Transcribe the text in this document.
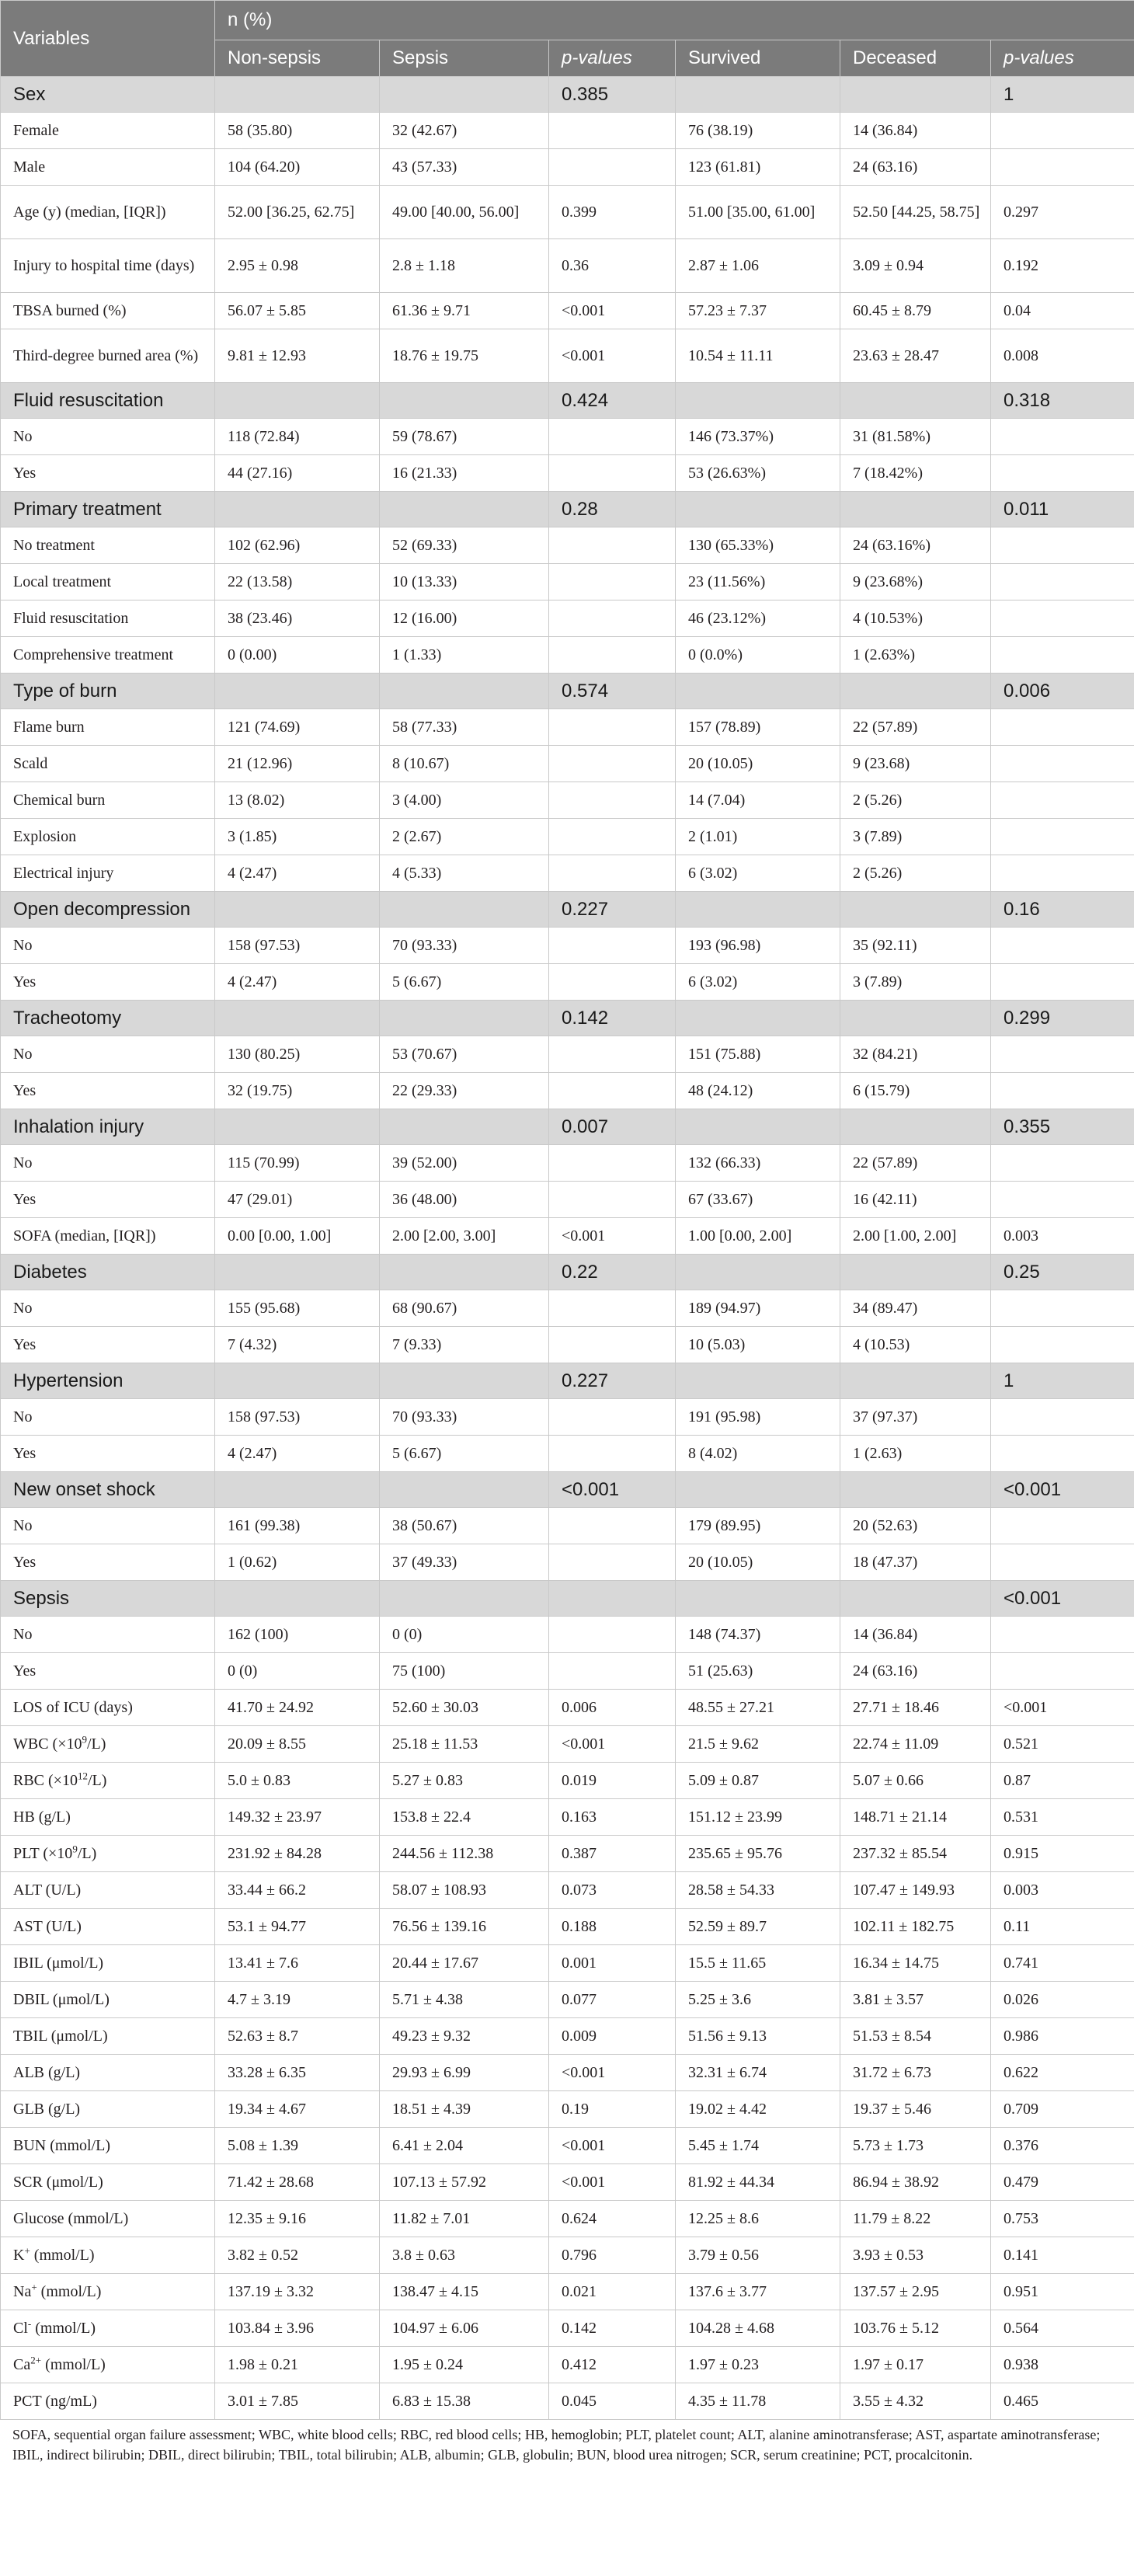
Variables	n (%)					
	Non-sepsis	Sepsis	p-values	Survived	Deceased	p-values
Sex			0.385			1
Female	58 (35.80)	32 (42.67)		76 (38.19)	14 (36.84)	
Male	104 (64.20)	43 (57.33)		123 (61.81)	24 (63.16)	
Age (y) (median, [IQR])	52.00 [36.25, 62.75]	49.00 [40.00, 56.00]	0.399	51.00 [35.00, 61.00]	52.50 [44.25, 58.75]	0.297
Injury to hospital time (days)	2.95 ± 0.98	2.8 ± 1.18	0.36	2.87 ± 1.06	3.09 ± 0.94	0.192
TBSA burned (%)	56.07 ± 5.85	61.36 ± 9.71	<0.001	57.23 ± 7.37	60.45 ± 8.79	0.04
Third-degree burned area (%)	9.81 ± 12.93	18.76 ± 19.75	<0.001	10.54 ± 11.11	23.63 ± 28.47	0.008
Fluid resuscitation			0.424			0.318
No	118 (72.84)	59 (78.67)		146 (73.37%)	31 (81.58%)	
Yes	44 (27.16)	16 (21.33)		53 (26.63%)	7 (18.42%)	
Primary treatment			0.28			0.011
No treatment	102 (62.96)	52 (69.33)		130 (65.33%)	24 (63.16%)	
Local treatment	22 (13.58)	10 (13.33)		23 (11.56%)	9 (23.68%)	
Fluid resuscitation	38 (23.46)	12 (16.00)		46 (23.12%)	4 (10.53%)	
Comprehensive treatment	0 (0.00)	1 (1.33)		0 (0.0%)	1 (2.63%)	
Type of burn			0.574			0.006
Flame burn	121 (74.69)	58 (77.33)		157 (78.89)	22 (57.89)	
Scald	21 (12.96)	8 (10.67)		20 (10.05)	9 (23.68)	
Chemical burn	13 (8.02)	3 (4.00)		14 (7.04)	2 (5.26)	
Explosion	3 (1.85)	2 (2.67)		2 (1.01)	3 (7.89)	
Electrical injury	4 (2.47)	4 (5.33)		6 (3.02)	2 (5.26)	
Open decompression			0.227			0.16
No	158 (97.53)	70 (93.33)		193 (96.98)	35 (92.11)	
Yes	4 (2.47)	5 (6.67)		6 (3.02)	3 (7.89)	
Tracheotomy			0.142			0.299
No	130 (80.25)	53 (70.67)		151 (75.88)	32 (84.21)	
Yes	32 (19.75)	22 (29.33)		48 (24.12)	6 (15.79)	
Inhalation injury			0.007			0.355
No	115 (70.99)	39 (52.00)		132 (66.33)	22 (57.89)	
Yes	47 (29.01)	36 (48.00)		67 (33.67)	16 (42.11)	
SOFA (median, [IQR])	0.00 [0.00, 1.00]	2.00 [2.00, 3.00]	<0.001	1.00 [0.00, 2.00]	2.00 [1.00, 2.00]	0.003
Diabetes			0.22			0.25
No	155 (95.68)	68 (90.67)		189 (94.97)	34 (89.47)	
Yes	7 (4.32)	7 (9.33)		10 (5.03)	4 (10.53)	
Hypertension			0.227			1
No	158 (97.53)	70 (93.33)		191 (95.98)	37 (97.37)	
Yes	4 (2.47)	5 (6.67)		8 (4.02)	1 (2.63)	
New onset shock			<0.001			<0.001
No	161 (99.38)	38 (50.67)		179 (89.95)	20 (52.63)	
Yes	1 (0.62)	37 (49.33)		20 (10.05)	18 (47.37)	
Sepsis						<0.001
No	162 (100)	0 (0)		148 (74.37)	14 (36.84)	
Yes	0 (0)	75 (100)		51 (25.63)	24 (63.16)	
LOS of ICU (days)	41.70 ± 24.92	52.60 ± 30.03	0.006	48.55 ± 27.21	27.71 ± 18.46	<0.001
WBC $(\times 10^9/L)$	20.09 ± 8.55	25.18 ± 11.53	<0.001	21.5 ± 9.62	22.74 ± 11.09	0.521
RBC $(\times 10^{12}/L)$	5.0 ± 0.83	5.27 ± 0.83	0.019	5.09 ± 0.87	5.07 ± 0.66	0.87
HB (g/L)	149.32 ± 23.97	153.8 ± 22.4	0.163	151.12 ± 23.99	148.71 ± 21.14	0.531
PLT $(\times 10^9/L)$	231.92 ± 84.28	244.56 ± 112.38	0.387	235.65 ± 95.76	237.32 ± 85.54	0.915
ALT (U/L)	33.44 ± 66.2	58.07 ± 108.93	0.073	28.58 ± 54.33	107.47 ± 149.93	0.003
AST (U/L)	53.1 ± 94.77	76.56 ± 139.16	0.188	52.59 ± 89.7	102.11 ± 182.75	0.11
IBIL (μmol/L)	13.41 ± 7.6	20.44 ± 17.67	0.001	15.5 ± 11.65	16.34 ± 14.75	0.741
DBIL (μmol/L)	4.7 ± 3.19	5.71 ± 4.38	0.077	5.25 ± 3.6	3.81 ± 3.57	0.026
TBIL (μmol/L)	52.63 ± 8.7	49.23 ± 9.32	0.009	51.56 ± 9.13	51.53 ± 8.54	0.986
ALB (g/L)	33.28 ± 6.35	29.93 ± 6.99	<0.001	32.31 ± 6.74	31.72 ± 6.73	0.622
GLB (g/L)	19.34 ± 4.67	18.51 ± 4.39	0.19	19.02 ± 4.42	19.37 ± 5.46	0.709
BUN (mmol/L)	5.08 ± 1.39	6.41 ± 2.04	<0.001	5.45 ± 1.74	5.73 ± 1.73	0.376
SCR (μmol/L)	71.42 ± 28.68	107.13 ± 57.92	<0.001	81.92 ± 44.34	86.94 ± 38.92	0.479
Glucose (mmol/L)	12.35 ± 9.16	11.82 ± 7.01	0.624	12.25 ± 8.6	11.79 ± 8.22	0.753
K+ (mmol/L)	3.82 ± 0.52	3.8 ± 0.63	0.796	3.79 ± 0.56	3.93 ± 0.53	0.141
Na+ (mmol/L)	137.19 ± 3.32	138.47 ± 4.15	0.021	137.6 ± 3.77	137.57 ± 2.95	0.951
Cl- (mmol/L)	103.84 ± 3.96	104.97 ± 6.06	0.142	104.28 ± 4.68	103.76 ± 5.12	0.564
$Ca^{2+}$ (mmol/L)	1.98 ± 0.21	1.95 ± 0.24	0.412	1.97 ± 0.23	1.97 ± 0.17	0.938
PCT (ng/mL)	3.01 ± 7.85	6.83 ± 15.38	0.045	4.35 ± 11.78	3.55 ± 4.32	0.465
SOFA, sequential organ failure assessment; WBC, white blood cells; RBC, red blood cells; HB, hemoglobin; PLT, platelet count; ALT, alanine aminotransferase; AST, aspartate aminotransferase; IBIL, indirect bilirubin; DBIL, direct bilirubin; TBIL, total bilirubin; ALB, albumin; GLB, globulin; BUN, blood urea nitrogen; SCR, serum creatinine; PCT, procalcitonin.
